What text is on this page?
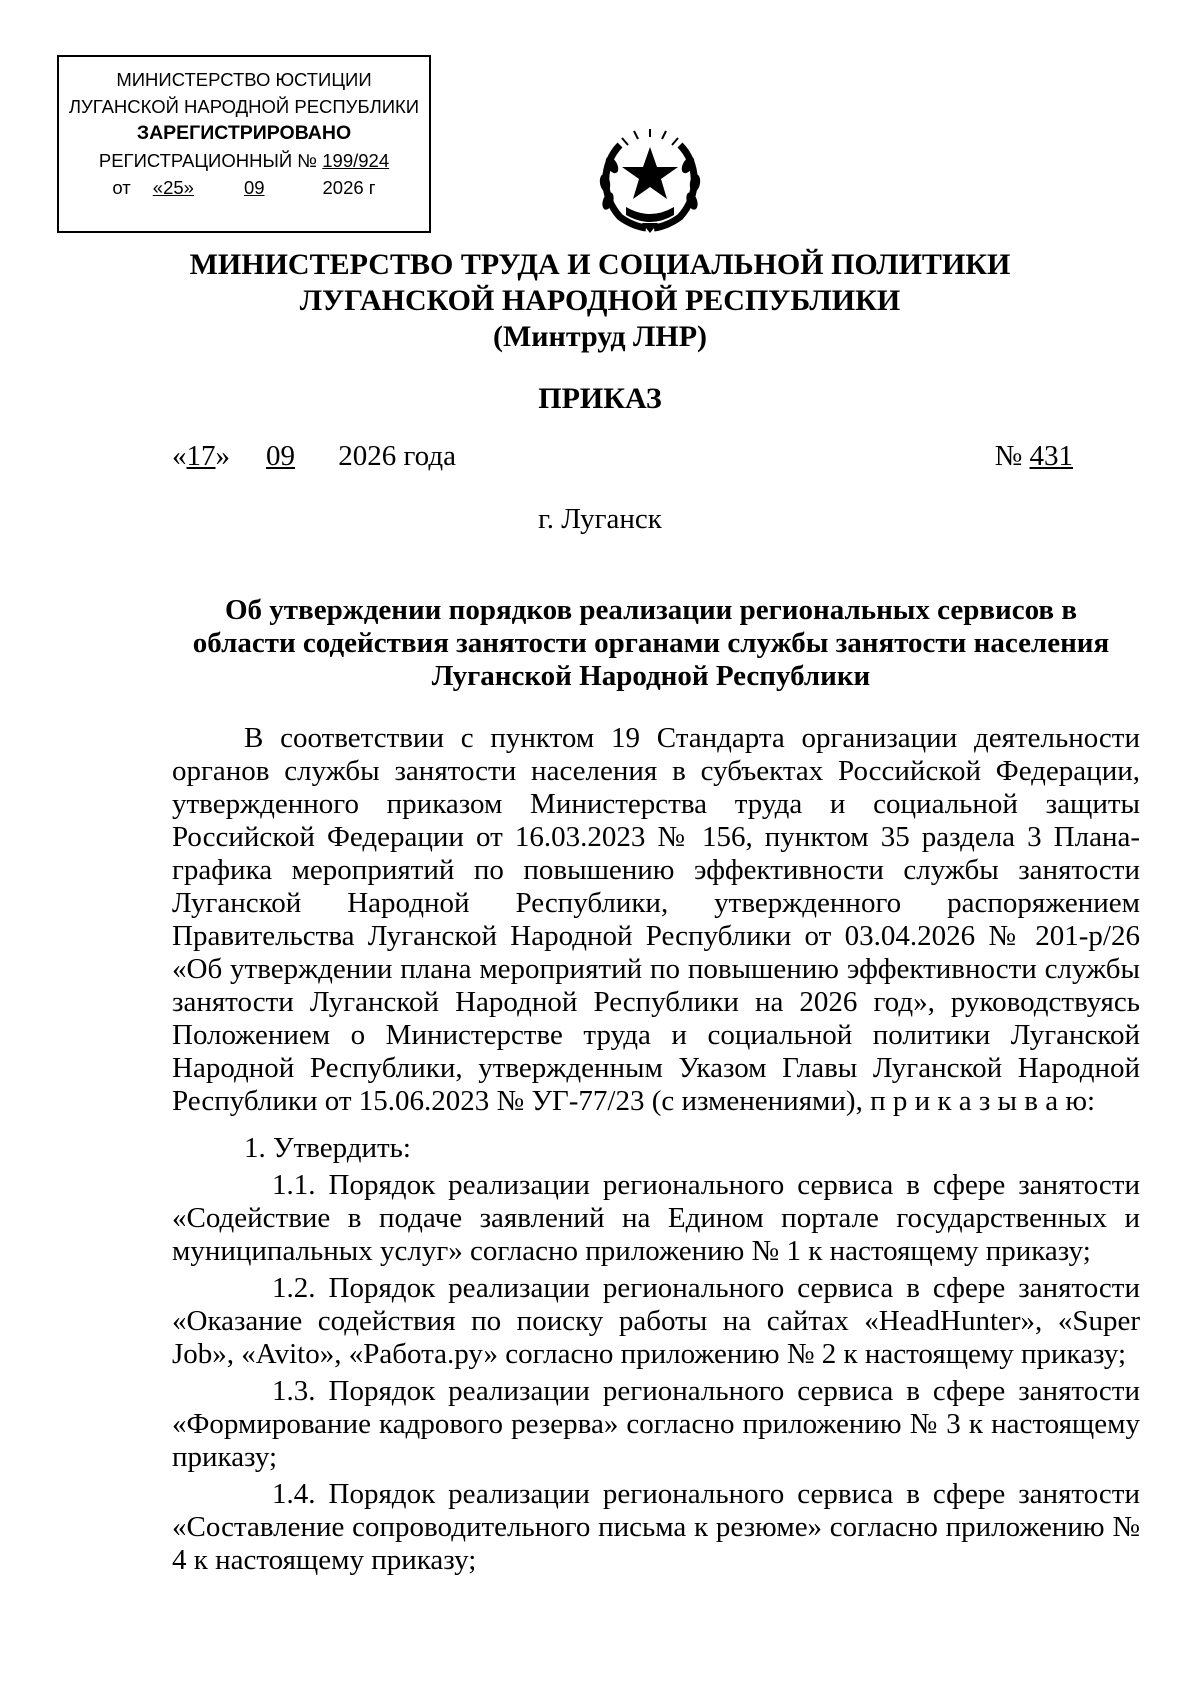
МИНИСТЕРСТВО ЮСТИЦИИ
ЛУГАНСКОЙ НАРОДНОЙ РЕСПУБЛИКИ
ЗАРЕГИСТРИРОВАНО
РЕГИСТРАЦИОННЫЙ № 199/924
от «25»	09	2026 г
МИНИСТЕРСТВО ТРУДА И СОЦИАЛЬНОЙ ПОЛИТИКИ
ЛУГАНСКОЙ НАРОДНОЙ РЕСПУБЛИКИ
(Минтруд ЛНР)
ПРИКАЗ
«17» 09 2026 года	№ 431
г. Луганск
Об утверждении порядков реализации региональных сервисов в области содействия занятости органами службы занятости населения Луганской Народной Республики

В соответствии с пунктом 19 Стандарта организации деятельности органов службы занятости населения в субъектах Российской Федерации, утвержденного приказом Министерства труда и социальной защиты Российской Федерации от 16.03.2023 № 156, пунктом 35 раздела 3 Плана-графика мероприятий по повышению эффективности службы занятости Луганской Народной Республики, утвержденного распоряжением Правительства Луганской Народной Республики от 03.04.2026 № 201-р/26 «Об утверждении плана мероприятий по повышению эффективности службы занятости Луганской Народной Республики на 2026 год», руководствуясь Положением о Министерстве труда и социальной политики Луганской Народной Республики, утвержденным Указом Главы Луганской Народной Республики от 15.06.2023 № УГ-77/23 (с изменениями), п р и к а з ы в а ю:

1. Утвердить:

1.1. Порядок реализации регионального сервиса в сфере занятости «Содействие в подаче заявлений на Едином портале государственных и муниципальных услуг» согласно приложению № 1 к настоящему приказу;

1.2. Порядок реализации регионального сервиса в сфере занятости «Оказание содействия по поиску работы на сайтах «HeadHunter», «Super Job», «Avito», «Работа.ру» согласно приложению № 2 к настоящему приказу;

1.3. Порядок реализации регионального сервиса в сфере занятости «Формирование кадрового резерва» согласно приложению № 3 к настоящему приказу;

1.4. Порядок реализации регионального сервиса в сфере занятости «Составление сопроводительного письма к резюме» согласно приложению № 4 к настоящему приказу;
